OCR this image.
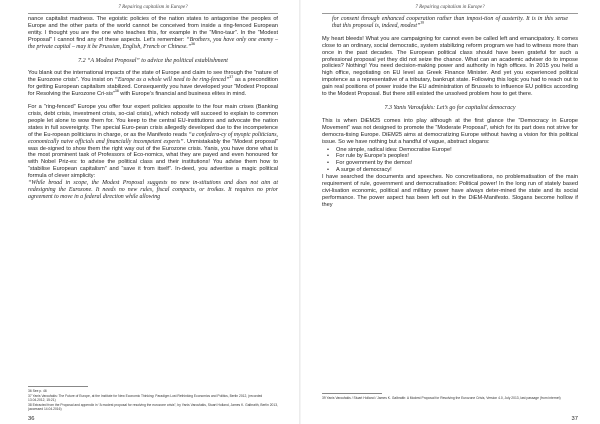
7 Repairing capitalism in Europe?

nance capitalist madness. The egoistic policies of the nation states to antagonise the peoples of Europe and the other parts of the world cannot be conceived from inside a ring-fenced European entity. I thought you are the one who teaches this, for example in the “Mino-taur”. In the “Modest Proposal” I cannot find any of these aspects. Let’s remember: “Brothers, you have only one enemy – the private capital – may it be Prussian, English, French or Chinese.”$^{36}$

7.2 “A Modest Proposal” to advice the political establishment

You blank out the international impacts of the state of Europe and claim to see through the “nature of the Eurozone crisis”. You insist on “Europe as a whole will need to be ring-fenced”$^{37}$ as a precondition for getting European capitalism stabilized. Consequently you have developed your “Modest Proposal for Resolving the Eurozone Cri-sis”$^{38}$ with Europe’s financial and business elites in mind.

For a “ring-fenced” Europe you offer four expert policies apposite to the four main crises (Banking crisis, debt crisis, investment crisis, so-cial crisis), which nobody will succeed to explain to common people let alone to wow them for. You keep to the central EU-institutions and advocate the nation states in full sovereignty. The special Euro-pean crisis allegedly developed due to the incompetence of the Eu-ropean politicians in charge, or as the Manifesto reads “a confedera-cy of myopic politicians, economically naive officials and financially incompetent experts”. Unmistakably the “Modest proposal” was de-signed to show them the right way out of the Eurozone crisis. Yanis, you have done what is the most prominent task of Professors of Eco-nomics, what they are payed and even honoured for with Nobel Priz-es: to advise the political class and their institutions! You advise them how to “stabilise European capitalism” and “save it from itself”. In-deed, you advertise a magic political formula of clever simplicity:

“While broad in scope, the Modest Proposal suggests no new in-stitutions and does not aim at redesigning the Eurozone. It needs no new rules, fiscal compacts, or troikas. It requires no prior agreement to move in a federal direction while allowing

36 See p. 46

37 Yanis Varoufakis: The Future of Europe, at the Institute for New Economic Thinking: Paradigm Lost Rethinking Economics and Politics, Berlin 2012, (recorded 13.04.2012, 15:21)

38 Extracted from the Proposal and appendix in “A modest proposal for resolving the eurozone crisis”, by Yanis Varoufakis, Stuart Holland, James K. Galbraith, Berlin 2013, (accessed 14.04.2016)

36
7 Repairing capitalism in Europe?

for consent through enhanced cooperation rather than imposi-tion of austerity. It is in this sense that this proposal is, indeed, modest”$^{39}$

My heart bleeds! What you are campaigning for cannot even be called left and emancipatory. It comes close to an ordinary, social democratic, system stabilizing reform program we had to witness more than once in the past decades. The European political class should have been grateful for such a professional proposal yet they did not seize the chance. What can an academic adviser do to impose policies? Nothing! You need decision-making power and authority in high offices. In 2015 you held a high office, negotiating on EU level as Greek Finance Minister. And yet you experienced political impotence as a representative of a tributary, bankrupt state. Following this logic you had to reach out to gain real positions of power inside the EU administration of Brussels to influence EU politics according to the Modest Proposal. But there still existed the unsolved problem how to get there.

7.3 Yanis Varoufakis: Let’s go for capitalist democracy

This is when DiEM25 comes into play although at the first glance the “Democracy in Europe Movement” was not designed to promote the “Moderate Proposal”, which for its part does not strive for democra-tising Europe. DiEM25 aims at democratizing Europe without having a vision for this political issue. So we have nothing but a handful of vague, abstract slogans:

• One simple, radical idea: Democratise Europe!
• For rule by Europe’s peoples!
• For government by the demos!
• A surge of democracy!

I have searched the documents and speeches. No concretisations, no problematisation of the main requirement of rule, government and democratisation: Political power! In the long run of stately based civi-lisation economic, political and military power have always deter-mined the state and its social performance. The power aspect has been left out in the DiEM-Manifesto. Slogans become hollow if they

39 Yanis Varoufakis / Stuart Holland / James K. Galbraith: A Modest Proposal for Resolving the Eurozone Crisis, Version 4.0, July 2013, last passage (from internet)

37
